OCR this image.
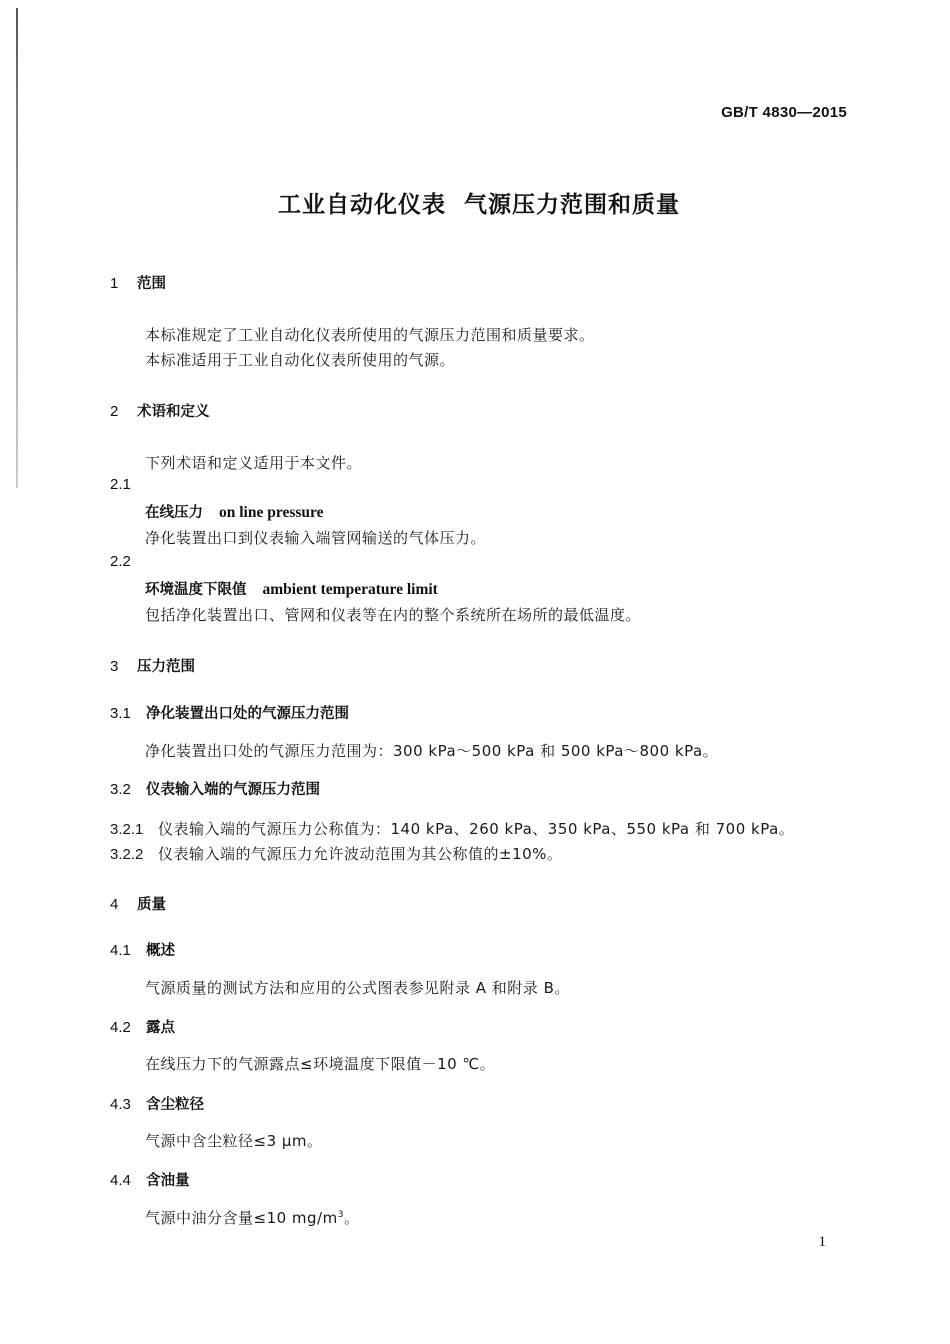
GB/T 4830—2015
工业自动化仪表 气源压力范围和质量
1 范围
本标准规定了工业自动化仪表所使用的气源压力范围和质量要求。
本标准适用于工业自动化仪表所使用的气源。
2 术语和定义
下列术语和定义适用于本文件。
2.1
在线压力 on line pressure
净化装置出口到仪表输入端管网输送的气体压力。
2.2
环境温度下限值 ambient temperature limit
包括净化装置出口、管网和仪表等在内的整个系统所在场所的最低温度。
3 压力范围
3.1 净化装置出口处的气源压力范围
净化装置出口处的气源压力范围为：300 kPa～500 kPa 和 500 kPa～800 kPa。
3.2 仪表输入端的气源压力范围
3.2.1 仪表输入端的气源压力公称值为：140 kPa、260 kPa、350 kPa、550 kPa 和 700 kPa。
3.2.2 仪表输入端的气源压力允许波动范围为其公称值的±10%。
4 质量
4.1 概述
气源质量的测试方法和应用的公式图表参见附录 A 和附录 B。
4.2 露点
在线压力下的气源露点≤环境温度下限值－10 ℃。
4.3 含尘粒径
气源中含尘粒径≤3 μm。
4.4 含油量
气源中油分含量≤10 $mg/m^3$。
1
